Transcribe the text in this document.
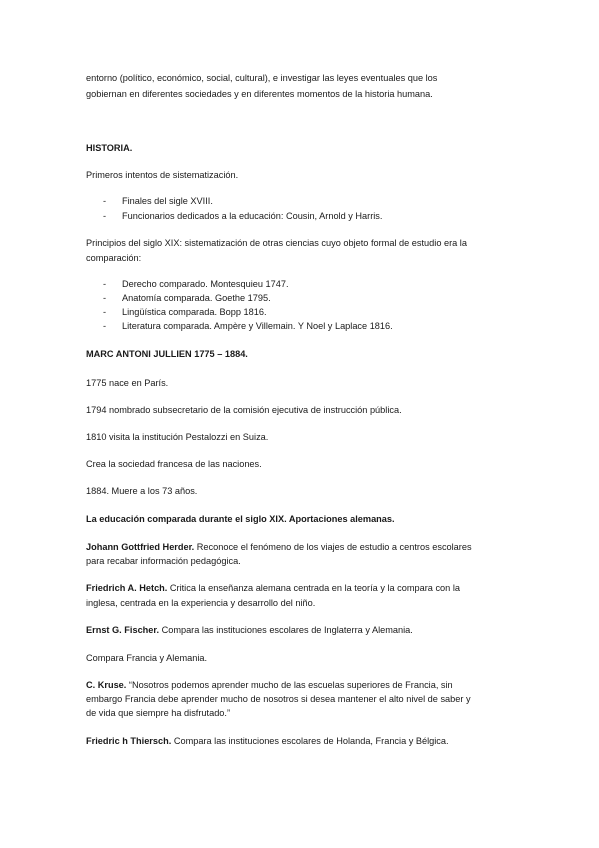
entorno (político, económico, social, cultural), e investigar las leyes eventuales que los
gobiernan en diferentes sociedades y en diferentes momentos de la historia humana.
HISTORIA.
Primeros intentos de sistematización.
- Finales del sigle XVIII.
- Funcionarios dedicados a la educación: Cousin, Arnold y Harris.
Principios del siglo XIX: sistematización de otras ciencias cuyo objeto formal de estudio era la
comparación:
- Derecho comparado. Montesquieu 1747.
- Anatomía comparada. Goethe 1795.
- Lingüística comparada. Bopp 1816.
- Literatura comparada. Ampère y Villemain. Y Noel y Laplace 1816.
MARC ANTONI JULLIEN 1775 – 1884.
1775 nace en París.
1794 nombrado subsecretario de la comisión ejecutiva de instrucción pública.
1810 visita la institución Pestalozzi en Suiza.
Crea la sociedad francesa de las naciones.
1884. Muere a los 73 años.
La educación comparada durante el siglo XIX. Aportaciones alemanas.
Johann Gottfried Herder. Reconoce el fenómeno de los viajes de estudio a centros escolares
para recabar información pedagógica.
Friedrich A. Hetch. Critica la enseñanza alemana centrada en la teoría y la compara con la
inglesa, centrada en la experiencia y desarrollo del niño.
Ernst G. Fischer. Compara las instituciones escolares de Inglaterra y Alemania.
Compara Francia y Alemania.
C. Kruse. “Nosotros podemos aprender mucho de las escuelas superiores de Francia, sin
embargo Francia debe aprender mucho de nosotros si desea mantener el alto nivel de saber y
de vida que siempre ha disfrutado.”
Friedric h Thiersch. Compara las instituciones escolares de Holanda, Francia y Bélgica.
